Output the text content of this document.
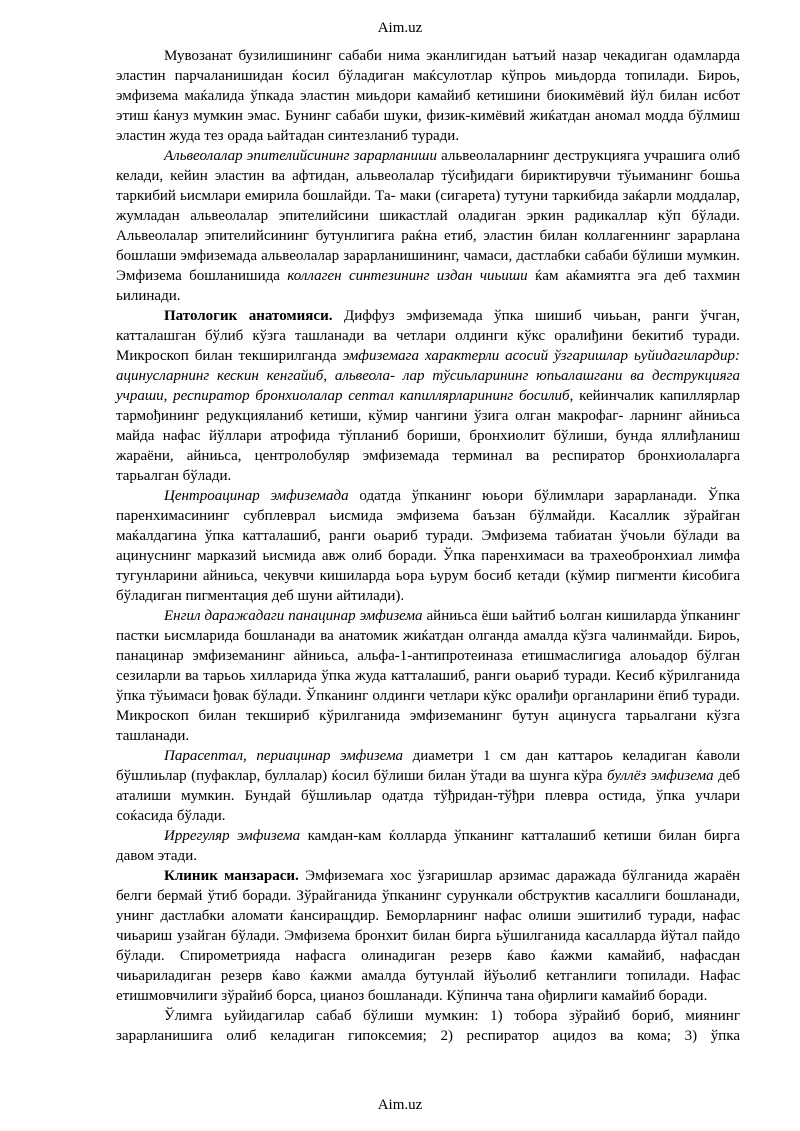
Aim.uz

Мувозанат бузилишининг сабаби нима эканлигидан ьатъий назар чекадиган одамларда эластин парчаланишидан ќосил бўладиган маќсулотлар кўпроь миьдорда топилади. Бироь, эмфизема маќалида ўпкада эластин миьдори камайиб кетишини биокимёвий йўл билан исбот этиш ќануз мумкин эмас. Бунинг сабаби шуки, физик-кимёвий жиќатдан аномал модда бўлмиш эластин жуда тез орада ьайтадан синтезланиб туради.

Альвеолалар эпителийсининг зарарланиши альвеолаларнинг деструкцияга учрашига олиб келади, кейин эластин ва афтидан, альвеолалар тўсиђидаги бириктирувчи тўьиманинг бошьа таркибий ьисмлари емирила бошлайди. Та- маки (сигарета) тутуни таркибида заќарли моддалар, жумладан альвеолалар эпителийсини шикастлай оладиган эркин радикаллар кўп бўлади. Альвеолалар эпителийсининг бутунлигига раќна етиб, эластин билан коллагеннинг зарарлана бошлаши эмфиземада альвеолалар зарарланишининг, чамаси, дастлабки сабаби бўлиши мумкин. Эмфизема бошланишида коллаген синтезининг издан чиьиши ќам аќамиятга эга деб тахмин ьилинади.

Патологик анатомияси. Диффуз эмфиземада ўпка шишиб чиььан, ранги ўчган, катталашган бўлиб кўзга ташланади ва четлари олдинги кўкс оралиђини бекитиб туради. Микроскоп билан текширилганда эмфиземага характерли асосий ўзгаришлар ьуйидагилардир: ацинусларнинг кескин кенгайиб, альвеола- лар тўсиьларининг юпьалашгани ва деструкцияга учраши, респиратор бронхиолалар септал капиллярларининг босилиб, кейинчалик капиллярлар тармођининг редукцияланиб кетиши, кўмир чангини ўзига олган макрофаг- ларнинг айниьса майда нафас йўллари атрофида тўпланиб бориши, бронхиолит бўлиши, бунда яллиђланиш жараёни, айниьса, центролобуляр эмфиземада терминал ва респиратор бронхиолаларга тарьалган бўлади.

Центроацинар эмфиземада одатда ўпканинг юьори бўлимлари зарарланади. Ўпка паренхимасининг субплеврал ьисмида эмфизема баъзан бўлмайди. Касаллик зўрайган маќалдагина ўпка катталашиб, ранги оьариб туради. Эмфизема табиатан ўчоьли бўлади ва ацинуснинг марказий ьисмида авж олиб боради. Ўпка паренхимаси ва трахеобронхиал лимфа тугунларини айниьса, чекувчи кишиларда ьора ьурум босиб кетади (кўмир пигменти ќисобига бўладиган пигментация деб шуни айтилади).

Енгил даражадаги панацинар эмфизема айниьса ёши ьайтиб ьолган кишиларда ўпканинг пастки ьисмларида бошланади ва анатомик жиќатдан олганда амалда кўзга чалинмайди. Бироь, панацинар эмфиземанинг айниьса, альфа-1-антипротеиназа етишмаслигиga алоьадор бўлган сезиларли ва тарьоь хилларида ўпка жуда катталашиб, ранги оьариб туради. Кесиб кўрилганида ўпка тўьимаси ђовак бўлади. Ўпканинг олдинги четлари кўкс оралиђи органларини ёпиб туради. Микроскоп билан текшириб кўрилганида эмфиземанинг бутун ацинусга тарьалгани кўзга ташланади.

Парасептал, периацинар эмфизема диаметри 1 см дан каттароь келадиган ќаволи бўшлиьлар (пуфаклар, буллалар) ќосил бўлиши билан ўтади ва шунга кўра буллёз эмфизема деб аталиши мумкин. Бундай бўшлиьлар одатда тўђридан-тўђри плевра остида, ўпка учлари соќасида бўлади.

Иррегуляр эмфизема камдан-кам ќолларда ўпканинг катталашиб кетиши билан бирга давом этади.

Клиник манзараси. Эмфиземага хос ўзгаришлар арзимас даражада бўлганида жараён белги бермай ўтиб боради. Зўрайганида ўпканинг сурункали обструктив касаллиги бошланади, унинг дастлабки аломати ќансиращдир. Беморларнинг нафас олиши эшитилиб туради, нафас чиьариш узайган бўлади. Эмфизема бронхит билан бирга ьўшилганида касалларда йўтал пайдо бўлади. Спирометрияда нафасга олинадиган резерв ќаво ќажми камайиб, нафасдан чиьариладиган резерв ќаво ќажми амалда бутунлай йўьолиб кетганлиги топилади. Нафас етишмовчилиги зўрайиб борса, цианоз бошланади. Кўпинча тана ођирлиги камайиб боради.

Ўлимга ьуйидагилар сабаб бўлиши мумкин: 1) тобора зўрайиб бориб, миянинг зарарланишига олиб келадиган гипоксемия; 2) респиратор ацидоз ва кома; 3) ўпка

Aim.uz
